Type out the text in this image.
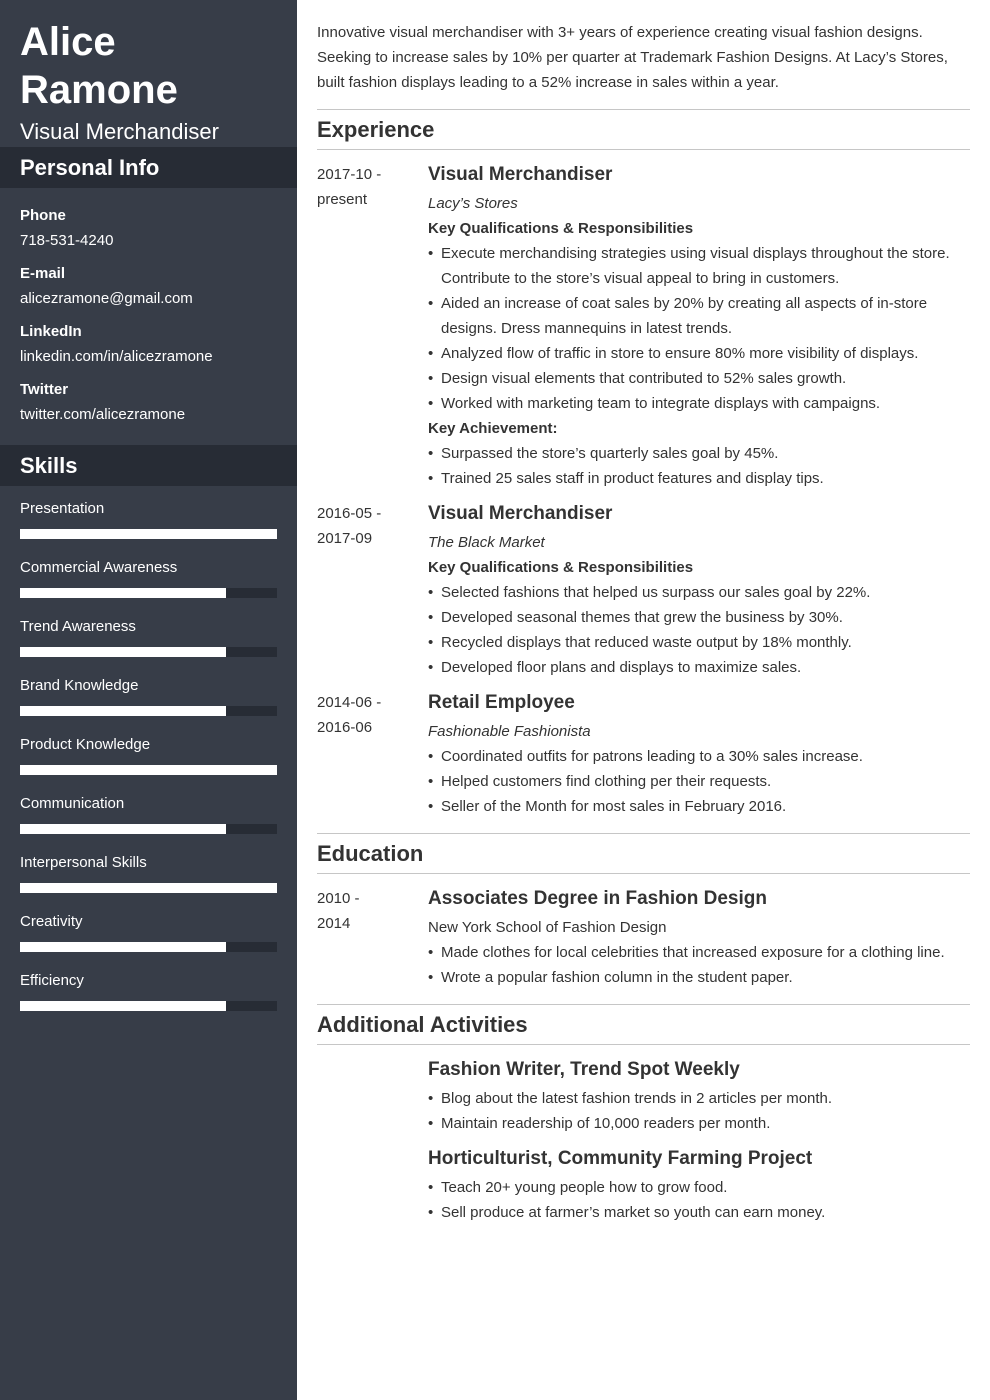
Alice
Ramone
Visual Merchandiser
Personal Info
Phone
718-531-4240
E-mail
alicezramone@gmail.com
LinkedIn
linkedin.com/in/alicezramone
Twitter
twitter.com/alicezramone
Skills
Presentation
Commercial Awareness
Trend Awareness
Brand Knowledge
Product Knowledge
Communication
Interpersonal Skills
Creativity
Efficiency

Innovative visual merchandiser with 3+ years of experience creating visual fashion designs. Seeking to increase sales by 10% per quarter at Trademark Fashion Designs. At Lacy’s Stores, built fashion displays leading to a 52% increase in sales within a year.

Experience
2017-10 -
present
Visual Merchandiser
Lacy’s Stores
Key Qualifications & Responsibilities
• Execute merchandising strategies using visual displays throughout the store. Contribute to the store’s visual appeal to bring in customers.
• Aided an increase of coat sales by 20% by creating all aspects of in-store designs. Dress mannequins in latest trends.
• Analyzed flow of traffic in store to ensure 80% more visibility of displays.
• Design visual elements that contributed to 52% sales growth.
• Worked with marketing team to integrate displays with campaigns.
Key Achievement:
• Surpassed the store’s quarterly sales goal by 45%.
• Trained 25 sales staff in product features and display tips.
2016-05 -
2017-09
Visual Merchandiser
The Black Market
Key Qualifications & Responsibilities
• Selected fashions that helped us surpass our sales goal by 22%.
• Developed seasonal themes that grew the business by 30%.
• Recycled displays that reduced waste output by 18% monthly.
• Developed floor plans and displays to maximize sales.
2014-06 -
2016-06
Retail Employee
Fashionable Fashionista
• Coordinated outfits for patrons leading to a 30% sales increase.
• Helped customers find clothing per their requests.
• Seller of the Month for most sales in February 2016.
Education
2010 -
2014
Associates Degree in Fashion Design
New York School of Fashion Design
• Made clothes for local celebrities that increased exposure for a clothing line.
• Wrote a popular fashion column in the student paper.
Additional Activities
Fashion Writer, Trend Spot Weekly
• Blog about the latest fashion trends in 2 articles per month.
• Maintain readership of 10,000 readers per month.
Horticulturist, Community Farming Project
• Teach 20+ young people how to grow food.
• Sell produce at farmer’s market so youth can earn money.
